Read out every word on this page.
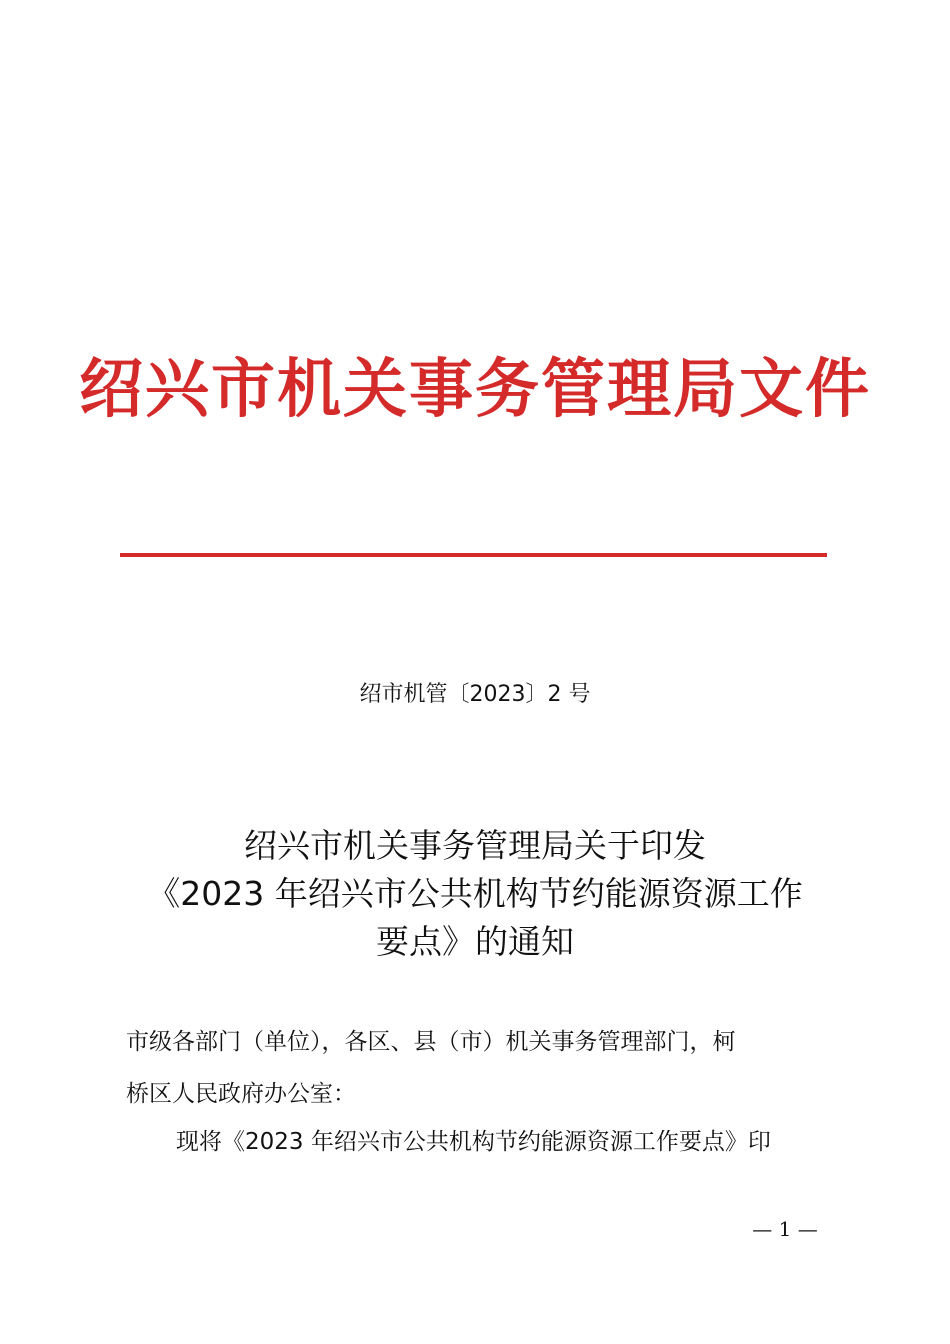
绍兴市机关事务管理局文件
绍市机管〔2023〕2 号
绍兴市机关事务管理局关于印发
《2023 年绍兴市公共机构节约能源资源工作
要点》的通知
市级各部门（单位），各区、县（市）机关事务管理部门，柯
桥区人民政府办公室：
现将《2023 年绍兴市公共机构节约能源资源工作要点》印
— 1 —
